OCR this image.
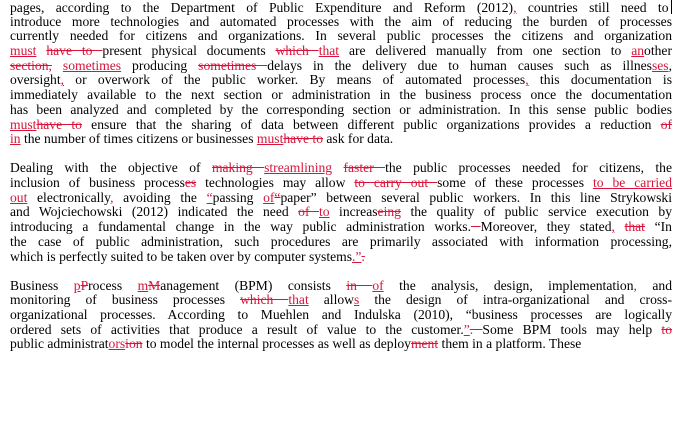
pages, according to the Department of Public Expenditure and Reform (2012), countries still need to
introduce more technologies and automated processes with the aim of reducing the burden of processes
currently needed for citizens and organizations. In several public processes the citizens and organization
must have to present physical documents which that are delivered manually from one section to another
section, sometimes producing sometimes delays in the delivery due to human causes such as illnesses,
oversight, or overwork of the public worker. By means of automated processes, this documentation is
immediately available to the next section or administration in the business process once the documentation
has been analyzed and completed by the corresponding section or administration. In this sense public bodies
musthave to ensure that the sharing of data between different public organizations provides a reduction of
in the number of times citizens or businesses musthave to ask for data.
Dealing with the objective of making streamlining faster the public processes needed for citizens, the
inclusion of business processes technologies may allow to carry out some of these processes to be carried
out electronically, avoiding the “passing of“paper” between several public workers. In this line Strykowski
and Wojciechowski (2012) indicated the need of to increaseing the quality of public service execution by
introducing a fundamental change in the way public administration works. Moreover, they stated, that “In
the case of public administration, such procedures are primarily associated with information processing,
which is perfectly suited to be taken over by computer systems.”.
Business pProcess mManagement (BPM) consists in of the analysis, design, implementation, and
monitoring of business processes which that allows the design of intra-organizational and cross-
organizational processes. According to Muehlen and Indulska (2010), “business processes are logically
ordered sets of activities that produce a result of value to the customer.”. Some BPM tools may help to
public administratorsion to model the internal processes as well as deployment them in a platform. These
